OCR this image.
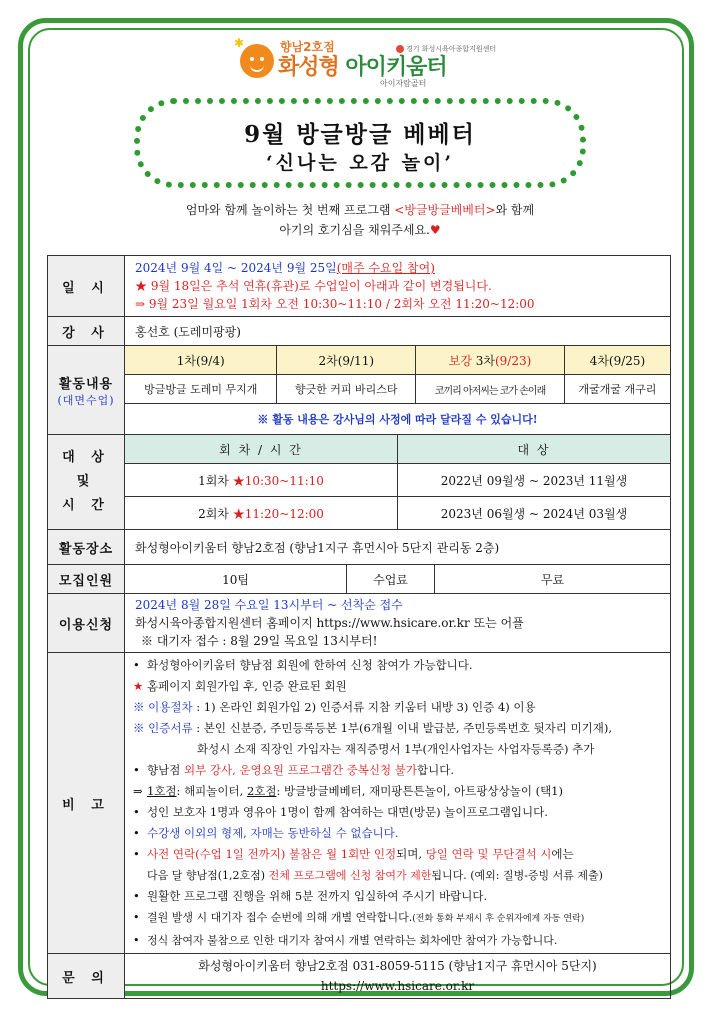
✱	향남2호점
화성형 아이키움터
아이자람골터
경기 화성시육아종합지원센터
9월 방글방글 베베터
‘신나는 오감 놀이’
엄마와 함께 놀이하는 첫 번째 프로그램 <방글방글베베터>와 함께
아기의 호기심을 채워주세요.♥
일 시	
2024년 9월 4일 ~ 2024년 9월 25일(매주 수요일 참여)
★ 9월 18일은 추석 연휴(휴관)로 수업일이 아래과 같이 변경됩니다.
⇒ 9월 23일 월요일 1회차 오전 10:30~11:10 / 2회차 오전 11:20~12:00

강 사	홍선호 (도레미팡팡)

활동내용
(대면수업)

1차(9/4)	2차(9/11)	보강 3차(9/23)	4차(9/25)
방글방글 도레미 무지개	향긋한 커피 바리스타	코끼리 아저씨는 코가 손이래	개굴개굴 개구리
※ 활동 내용은 강사님의 사정에 따라 달라질 수 있습니다!

대 상
및
시 간

회 차 / 시 간	대 상
1회차 ★10:30~11:10	2022년 09월생 ~ 2023년 11월생
2회차 ★11:20~12:00	2023년 06월생 ~ 2024년 03월생

활동장소	화성형아이키움터 향남2호점 (향남1지구 휴먼시아 5단지 관리동 2층)
모집인원		10팀	수업료	무료

이용신청	
2024년 8월 28일 수요일 13시부터 ~ 선착순 접수
화성시육아종합지원센터 홈페이지 https://www.hsicare.or.kr 또는 어플
※ 대기자 접수 : 8월 29일 목요일 13시부터!

비 고	
• 화성형아이키움터 향남점 회원에 한하여 신청 참여가 가능합니다.
★ 홈페이지 회원가입 후, 인증 완료된 회원
※ 이용절차 : 1) 온라인 회원가입 2) 인증서류 지참 키움터 내방 3) 인증 4) 이용
※ 인증서류 : 본인 신분증, 주민등록등본 1부(6개월 이내 발급분, 주민등록번호 뒷자리 미기재),
화성시 소재 직장인 가입자는 재직증명서 1부(개인사업자는 사업자등록증) 추가
• 향남점 외부 강사, 운영요원 프로그램간 중복신청 불가합니다.
⇒ 1호점: 해피놀이터, 2호점: 방글방글베베터, 재미팡튼튼놀이, 아트팡상상놀이 (택1)
• 성인 보호자 1명과 영유아 1명이 함께 참여하는 대면(방문) 놀이프로그램입니다.
• 수강생 이외의 형제, 자매는 동반하실 수 없습니다.
• 사전 연락(수업 1일 전까지) 불참은 월 1회만 인정되며, 당일 연락 및 무단결석 시에는
다음 달 향남점(1,2호점) 전체 프로그램에 신청 참여가 제한됩니다. (예외: 질병-증빙 서류 제출)
• 원활한 프로그램 진행을 위해 5분 전까지 입실하여 주시기 바랍니다.
• 결원 발생 시 대기자 접수 순번에 의해 개별 연락합니다.(전화 통화 부재시 후 순위자에게 자동 연락)
• 정식 참여자 불참으로 인한 대기자 참여시 개별 연락하는 회차에만 참여가 가능합니다.

문 의	
화성형아이키움터 향남2호점 031-8059-5115 (향남1지구 휴먼시아 5단지)
https://www.hsicare.or.kr
